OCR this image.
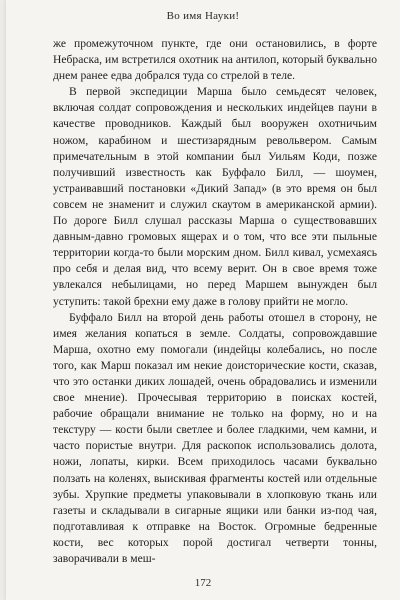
Во имя Науки!

же промежуточном пункте, где они остановились, в форте Небраска, им встретился охотник на антилоп, который буквально днем ранее едва добрался туда со стрелой в теле.

В первой экспедиции Марша было семьдесят человек, включая солдат сопровождения и нескольких индейцев пауни в качестве проводников. Каждый был вооружен охотничьим ножом, карабином и шестизарядным револьвером. Самым примечательным в этой компании был Уильям Коди, позже получивший известность как Буффало Билл, — шоумен, устраивавший постановки «Дикий Запад» (в это время он был совсем не знаменит и служил скаутом в американской армии). По дороге Билл слушал рассказы Марша о существовавших давным-давно громовых ящерах и о том, что все эти пыльные территории когда-то были морским дном. Билл кивал, усмехаясь про себя и делая вид, что всему верит. Он в свое время тоже увлекался небылицами, но перед Маршем вынужден был уступить: такой брехни ему даже в голову прийти не могло.

Буффало Билл на второй день работы отошел в сторону, не имея желания копаться в земле. Солдаты, сопровождавшие Марша, охотно ему помогали (индейцы колебались, но после того, как Марш показал им некие доисторические кости, сказав, что это останки диких лошадей, очень обрадовались и изменили свое мнение). Прочесывая территорию в поисках костей, рабочие обращали внимание не только на форму, но и на текстуру — кости были светлее и более гладкими, чем камни, и часто пористые внутри. Для раскопок использовались долота, ножи, лопаты, кирки. Всем приходилось часами буквально ползать на коленях, выискивая фрагменты костей или отдельные зубы. Хрупкие предметы упаковывали в хлопковую ткань или газеты и складывали в сигарные ящики или банки из-под чая, подготавливая к отправке на Восток. Огромные бедренные кости, вес которых порой достигал четверти тонны, заворачивали в меш-

172
